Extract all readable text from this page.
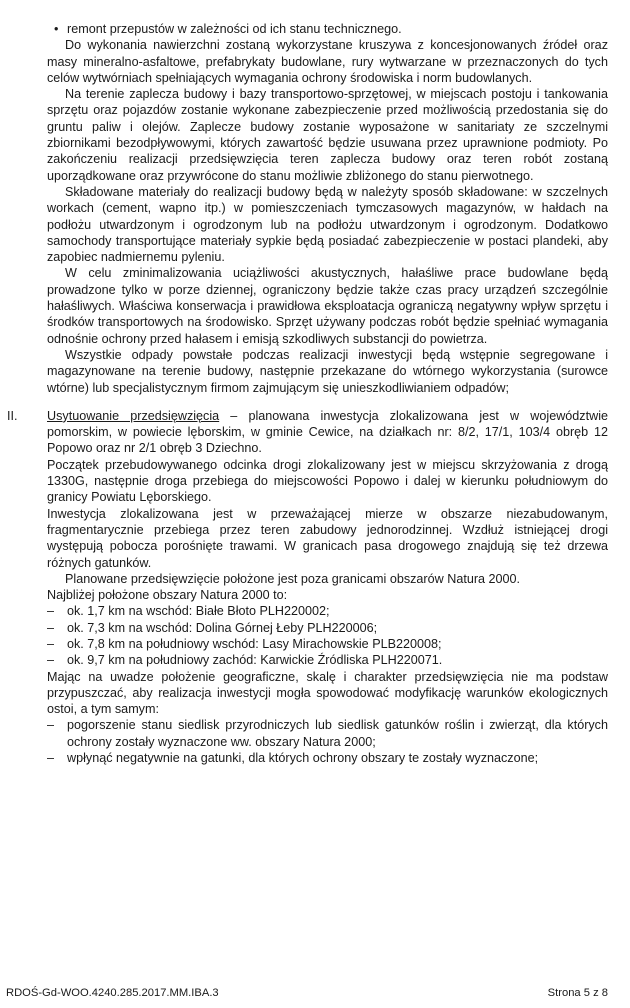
• remont przepustów w zależności od ich stanu technicznego.

Do wykonania nawierzchni zostaną wykorzystane kruszywa z koncesjonowanych źródeł oraz masy mineralno-asfaltowe, prefabrykaty budowlane, rury wytwarzane w przeznaczonych do tych celów wytwórniach spełniających wymagania ochrony środowiska i norm budowlanych.

Na terenie zaplecza budowy i bazy transportowo-sprzętowej, w miejscach postoju i tankowania sprzętu oraz pojazdów zostanie wykonane zabezpieczenie przed możliwością przedostania się do gruntu paliw i olejów. Zaplecze budowy zostanie wyposażone w sanitariaty ze szczelnymi zbiornikami bezodpływowymi, których zawartość będzie usuwana przez uprawnione podmioty. Po zakończeniu realizacji przedsięwzięcia teren zaplecza budowy oraz teren robót zostaną uporządkowane oraz przywrócone do stanu możliwie zbliżonego do stanu pierwotnego.

Składowane materiały do realizacji budowy będą w należyty sposób składowane: w szczelnych workach (cement, wapno itp.) w pomieszczeniach tymczasowych magazynów, w hałdach na podłożu utwardzonym i ogrodzonym lub na podłożu utwardzonym i ogrodzonym. Dodatkowo samochody transportujące materiały sypkie będą posiadać zabezpieczenie w postaci plandeki, aby zapobiec nadmiernemu pyleniu.

W celu zminimalizowania uciążliwości akustycznych, hałaśliwe prace budowlane będą prowadzone tylko w porze dziennej, ograniczony będzie także czas pracy urządzeń szczególnie hałaśliwych. Właściwa konserwacja i prawidłowa eksploatacja ograniczą negatywny wpływ sprzętu i środków transportowych na środowisko. Sprzęt używany podczas robót będzie spełniać wymagania odnośnie ochrony przed hałasem i emisją szkodliwych substancji do powietrza.

Wszystkie odpady powstałe podczas realizacji inwestycji będą wstępnie segregowane i magazynowane na terenie budowy, następnie przekazane do wtórnego wykorzystania (surowce wtórne) lub specjalistycznym firmom zajmującym się unieszkodliwianiem odpadów;

II. Usytuowanie przedsięwzięcia – planowana inwestycja zlokalizowana jest w województwie pomorskim, w powiecie lęborskim, w gminie Cewice, na działkach nr: 8/2, 17/1, 103/4 obręb 12 Popowo oraz nr 2/1 obręb 3 Dziechno.

Początek przebudowywanego odcinka drogi zlokalizowany jest w miejscu skrzyżowania z drogą 1330G, następnie droga przebiega do miejscowości Popowo i dalej w kierunku południowym do granicy Powiatu Lęborskiego.

Inwestycja zlokalizowana jest w przeważającej mierze w obszarze niezabudowanym, fragmentarycznie przebiega przez teren zabudowy jednorodzinnej. Wzdłuż istniejącej drogi występują pobocza porośnięte trawami. W granicach pasa drogowego znajdują się też drzewa różnych gatunków.

Planowane przedsięwzięcie położone jest poza granicami obszarów Natura 2000.

Najbliżej położone obszary Natura 2000 to:

– ok. 1,7 km na wschód: Białe Błoto PLH220002;

– ok. 7,3 km na wschód: Dolina Górnej Łeby PLH220006;

– ok. 7,8 km na południowy wschód: Lasy Mirachowskie PLB220008;

– ok. 9,7 km na południowy zachód: Karwickie Źródliska PLH220071.

Mając na uwadze położenie geograficzne, skalę i charakter przedsięwzięcia nie ma podstaw przypuszczać, aby realizacja inwestycji mogła spowodować modyfikację warunków ekologicznych ostoi, a tym samym:

– pogorszenie stanu siedlisk przyrodniczych lub siedlisk gatunków roślin i zwierząt, dla których ochrony zostały wyznaczone ww. obszary Natura 2000;

– wpłynąć negatywnie na gatunki, dla których ochrony obszary te zostały wyznaczone;

RDOŚ-Gd-WOO.4240.285.2017.MM.IBA.3	Strona 5 z 8
